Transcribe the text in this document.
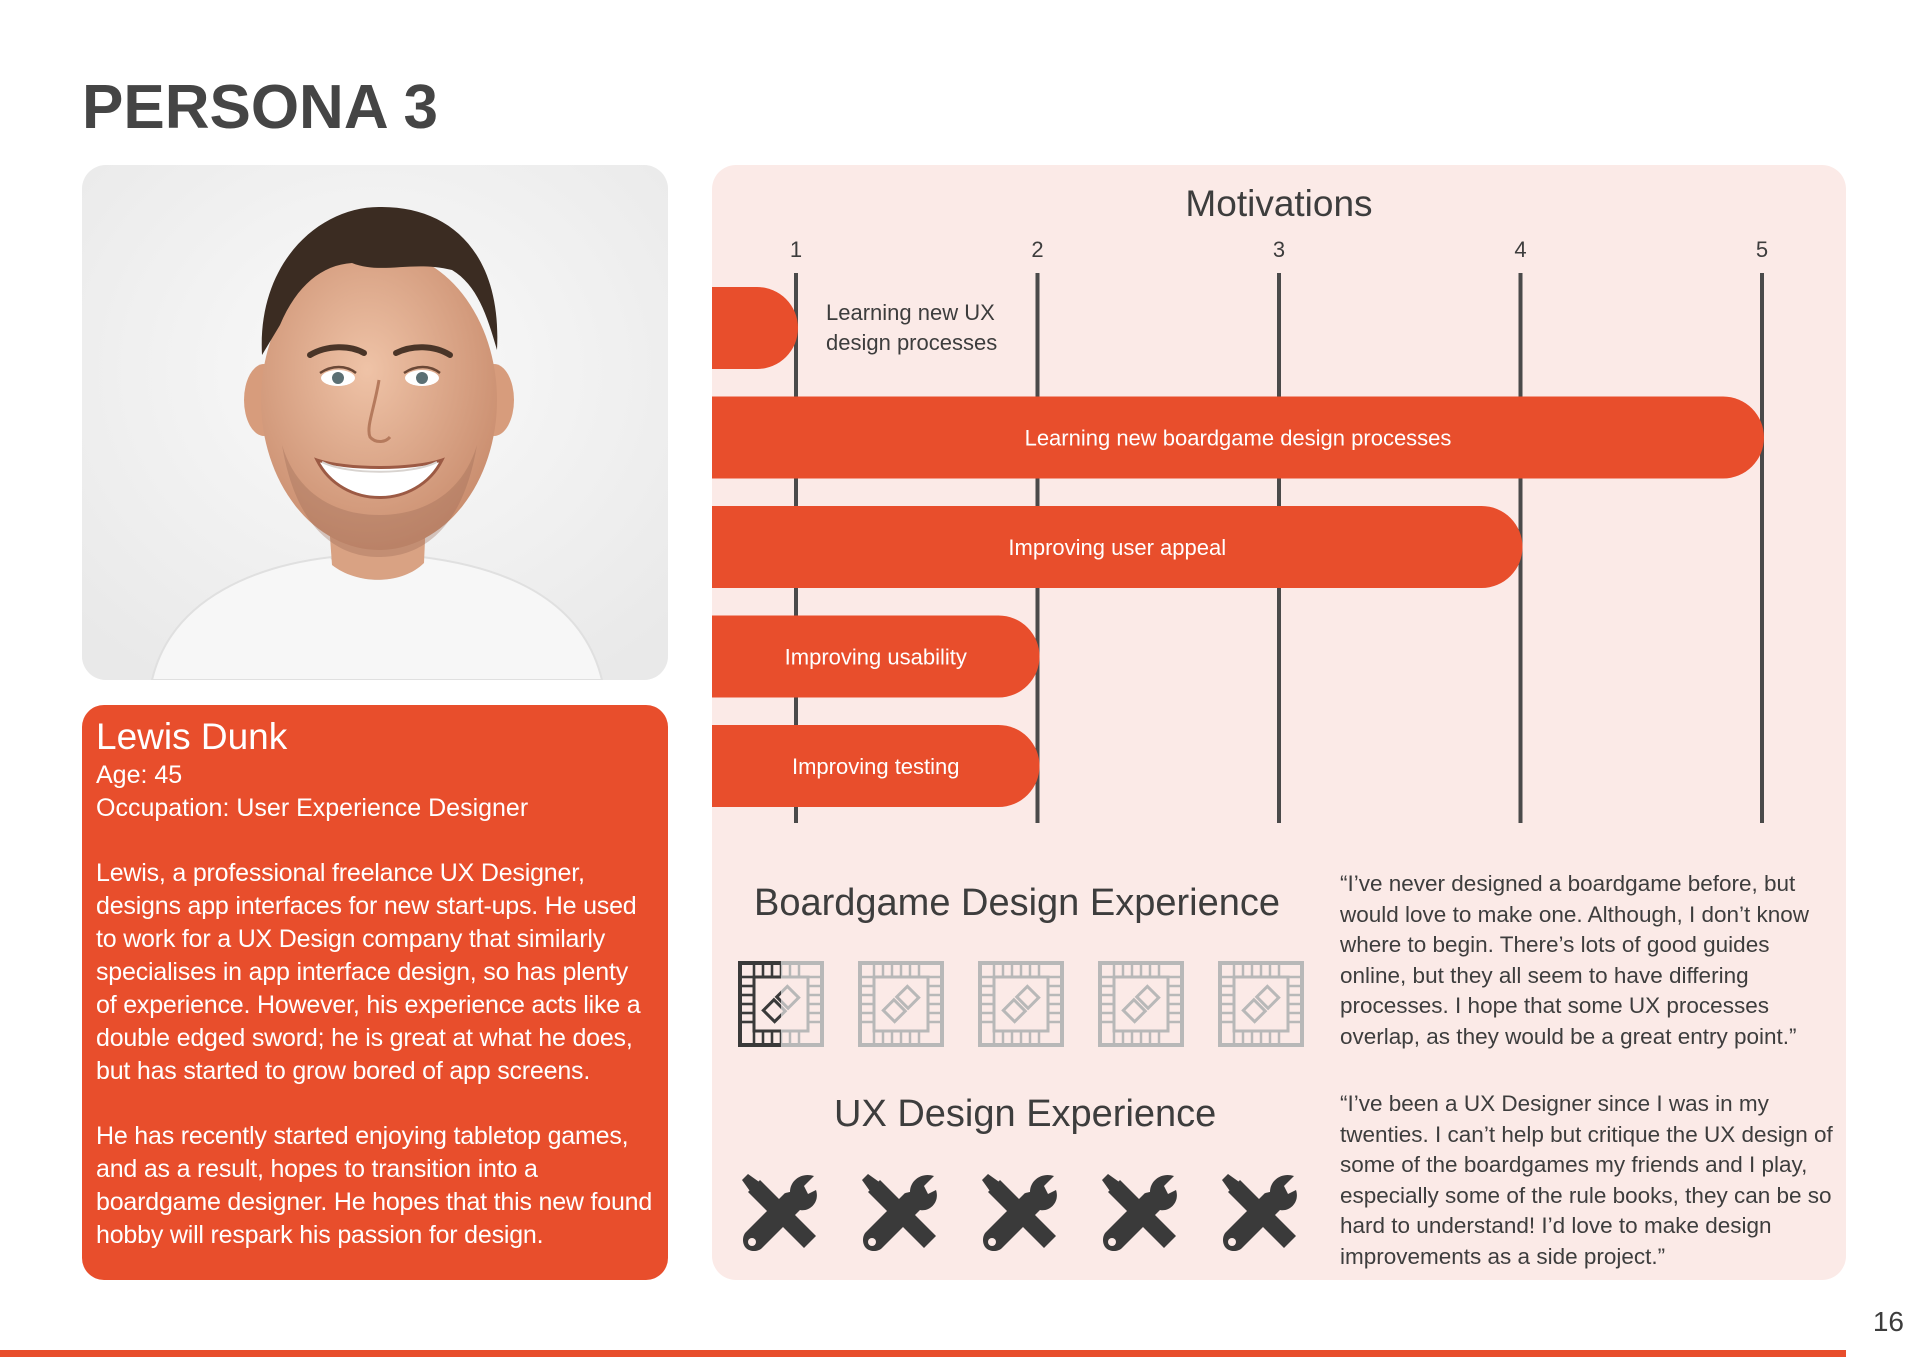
PERSONA 3
Lewis Dunk
Age: 45
Occupation: User Experience Designer
Lewis, a professional freelance UX Designer, designs app interfaces for new start-ups. He used to work for a UX Design company that similarly specialises in app interface design, so has plenty of experience. However, his experience acts like a double edged sword; he is great at what he does, but has started to grow bored of app screens.
He has recently started enjoying tabletop games, and as a result, hopes to transition into a boardgame designer. He hopes that this new found hobby will respark his passion for design.
Motivations
1	2	3	4	5
Learning new UX
design processes
Learning new boardgame design processes
Improving user appeal
Improving usability
Improving testing
Boardgame Design Experience
UX Design Experience
“I’ve never designed a boardgame before, but would love to make one. Although, I don’t know where to begin. There’s lots of good guides online, but they all seem to have differing processes. I hope that some UX processes overlap, as they would be a great entry point.”
“I’ve been a UX Designer since I was in my twenties. I can’t help but critique the UX design of some of the boardgames my friends and I play, especially some of the rule books, they can be so hard to understand! I’d love to make design improvements as a side project.”
16
